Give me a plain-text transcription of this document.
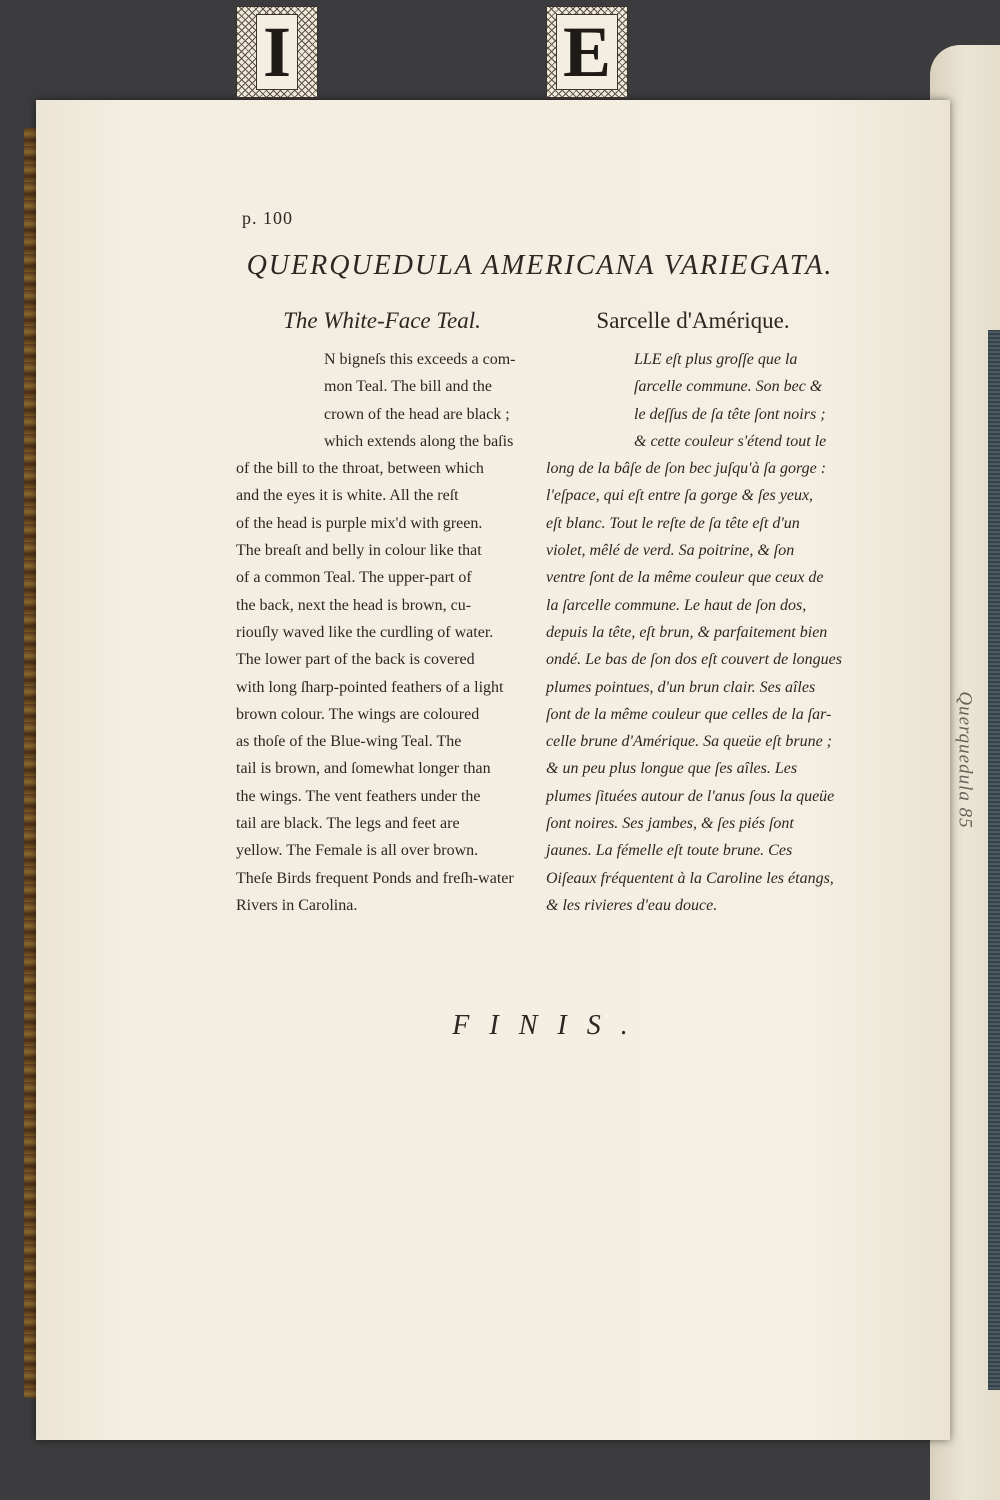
Querquedula 85
p. 100
QUERQUEDULA AMERICANA VARIEGATA.
The White-Face Teal.	Sarcelle d'Amérique.
I	E
N bigneſs this exceeds a com-
mon Teal. The bill and the
crown of the head are black ;
which extends along the baſis
of the bill to the throat, between which
and the eyes it is white. All the reſt
of the head is purple mix'd with green.
The breaſt and belly in colour like that
of a common Teal. The upper-part of
the back, next the head is brown, cu-
riouſly waved like the curdling of water.
The lower part of the back is covered
with long ſharp-pointed feathers of a light
brown colour. The wings are coloured
as thoſe of the Blue-wing Teal. The
tail is brown, and ſomewhat longer than
the wings. The vent feathers under the
tail are black. The legs and feet are
yellow. The Female is all over brown.
Theſe Birds frequent Ponds and freſh-water
Rivers in Carolina.
LLE eſt plus groſſe que la
ſarcelle commune. Son bec &
le deſſus de ſa tête ſont noirs ;
& cette couleur s'étend tout le
long de la bâſe de ſon bec juſqu'à ſa gorge :
l'eſpace, qui eſt entre ſa gorge & ſes yeux,
eſt blanc. Tout le reſte de ſa tête eſt d'un
violet, mêlé de verd. Sa poitrine, & ſon
ventre ſont de la même couleur que ceux de
la ſarcelle commune. Le haut de ſon dos,
depuis la tête, eſt brun, & parfaitement bien
ondé. Le bas de ſon dos eſt couvert de longues
plumes pointues, d'un brun clair. Ses aîles
ſont de la même couleur que celles de la ſar-
celle brune d'Amérique. Sa queüe eſt brune ;
& un peu plus longue que ſes aîles. Les
plumes ſituées autour de l'anus ſous la queüe
ſont noires. Ses jambes, & ſes piés ſont
jaunes. La fémelle eſt toute brune. Ces
Oiſeaux fréquentent à la Caroline les étangs,
& les rivieres d'eau douce.
FINIS.
